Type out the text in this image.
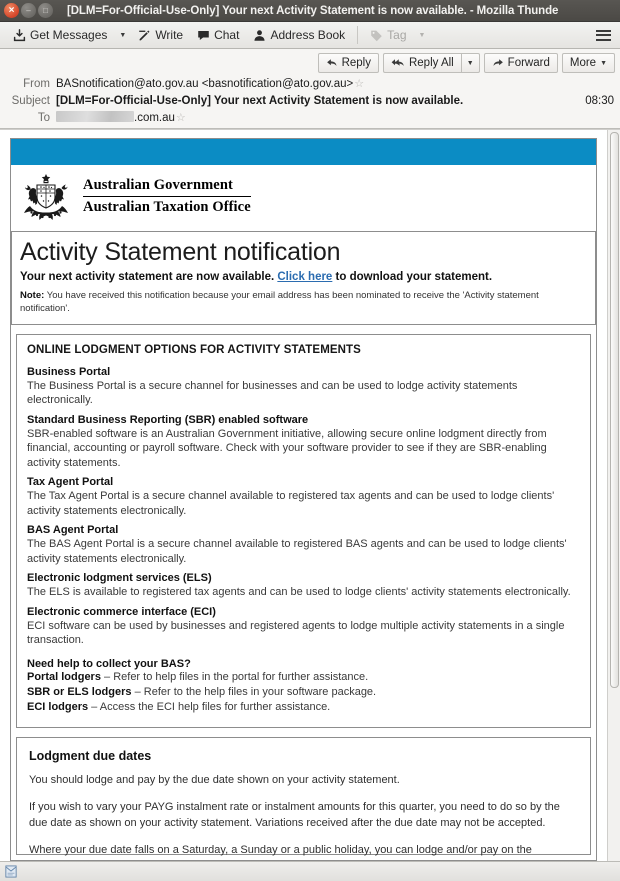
× – □ [DLM=For-Official-Use-Only] Your next Activity Statement is now available. - Mozilla Thunde
Get Messages	▼	Write	Chat	Address Book	Tag	▼
Reply	Reply All ▼	Forward More ▼
From BASnotification@ato.gov.au <basnotification@ato.gov.au>☆
Subject [DLM=For-Official-Use-Only] Your next Activity Statement is now available.	08:30
To	.com.au☆
Australian Government
Australian Taxation Office
Activity Statement notification
Your next activity statement are now available. Click here to download your statement.
Note: You have received this notification because your email address has been nominated to receive the 'Activity statement notification'.
ONLINE LODGMENT OPTIONS FOR ACTIVITY STATEMENTS
Business Portal

The Business Portal is a secure channel for businesses and can be used to lodge activity statements electronically.

Standard Business Reporting (SBR) enabled software

SBR-enabled software is an Australian Government initiative, allowing secure online lodgment directly from financial, accounting or payroll software. Check with your software provider to see if they are SBR-enabling activity statements.

Tax Agent Portal

The Tax Agent Portal is a secure channel available to registered tax agents and can be used to lodge clients' activity statements electronically.

BAS Agent Portal

The BAS Agent Portal is a secure channel available to registered BAS agents and can be used to lodge clients' activity statements electronically.

Electronic lodgment services (ELS)

The ELS is available to registered tax agents and can be used to lodge clients' activity statements electronically.

Electronic commerce interface (ECI)

ECI software can be used by businesses and registered agents to lodge multiple activity statements in a single transaction.

Need help to collect your BAS?
Portal lodgers – Refer to help files in the portal for further assistance.
SBR or ELS lodgers – Refer to the help files in your software package.
ECI lodgers – Access the ECI help files for further assistance.
Lodgment due dates

You should lodge and pay by the due date shown on your activity statement.

If you wish to vary your PAYG instalment rate or instalment amounts for this quarter, you need to do so by the due date as shown on your activity statement. Variations received after the due date may not be accepted.

Where your due date falls on a Saturday, a Sunday or a public holiday, you can lodge and/or pay on the
